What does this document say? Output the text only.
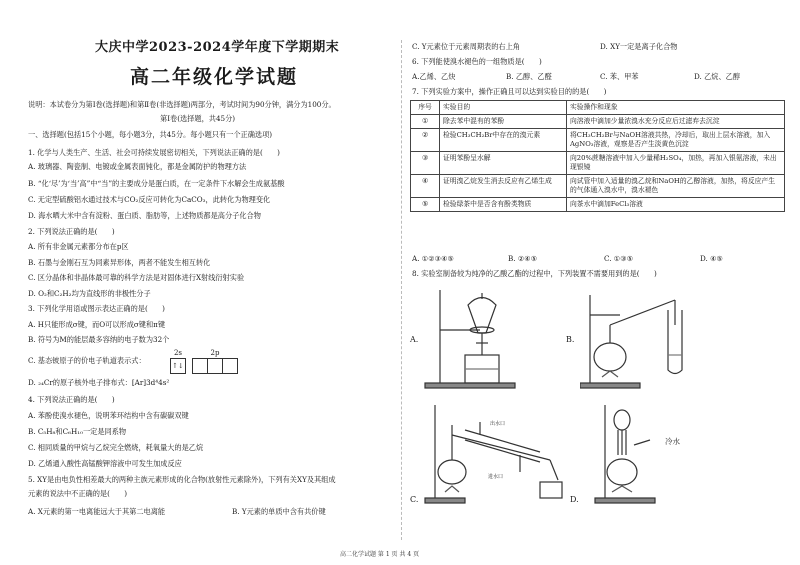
大庆中学2023-2024学年度下学期期末
高二年级化学试题
说明：本试卷分为第Ⅰ卷(选择题)和第Ⅱ卷(非选择题)两部分，考试时间为90分钟，满分为100分。
第Ⅰ卷(选择题，共45分)
一、选择题(包括15个小题，每小题3分，共45分。每小题只有一个正确选项)
1. 化学与人类生产、生活、社会可持续发展密切相关，下列说法正确的是(　　)
A. 玻璃器、陶瓷制、电镀或金属表面钝化，都是金属防护的物理方法
B. “化‘尽’为‘当’高”中“当”的主要成分是蛋白质，在一定条件下水解会生成氨基酸
C. 无定型硫酸铝水通过技术与CO₂反应可转化为CaCO₃，此转化为物理变化
D. 海水晒大米中含有淀粉、蛋白质、脂肪等，上述物质都是高分子化合物
2. 下列说法正确的是(　　)
A. 所有非金属元素都分布在p区
B. 石墨与金刚石互为同素异形体，两者不能发生相互转化
C. 区分晶体和非晶体最可靠的科学方法是对固体进行X射线衍射实验
D. O₂和C₂H₂均为直线形的非极性分子
3. 下列化学用语或图示表达正确的是(　　)
A. H只能形成σ键，而O可以形成σ键和π键
B. 符号为M的能层最多容纳的电子数为32个
C. 基态铍原子的价电子轨道表示式：
2s		2p		
↑↓				
D. ₂₄Cr的原子核外电子排布式：[Ar]3d⁴4s²
4. 下列说法正确的是(　　)
A. 苯酚使溴水褪色，说明苯环结构中含有碳碳双键
B. C₅H₈和C₆H₁₀一定是同系物
C. 相同质量的甲烷与乙烷完全燃烧，耗氧量大的是乙烷
D. 乙烯通入酸性高锰酸钾溶液中可发生加成反应
5. XY是由电负性相差最大的两种主族元素形成的化合物(放射性元素除外)，下列有关XY及其组成
元素的说法中不正确的是(　　)
A. X元素的第一电离能远大于其第二电离能	B. Y元素的单质中含有共价键
C. Y元素位于元素周期表的右上角	D. XY一定是离子化合物
6. 下列能使溴水褪色的一组物质是(　　)
A.乙烯、乙炔	B. 乙醇、乙醛	C. 苯、甲苯	D. 乙烷、乙醇
7. 下列实验方案中，操作正确且可以达到实验目的的是(　　)
序号	实验目的	实验操作和现象
①	除去苯中混有的苯酚	向溶液中滴加少量浓溴水充分反应后过滤弃去沉淀
②	检验CH₃CH₂Br中存在的溴元素	将CH₃CH₂Br与NaOH溶液共热，冷却后，取出上层水溶液，加入AgNO₃溶液，观察是否产生淡黄色沉淀
③	证明苯酚呈水解	向20%蔗糖溶液中加入少量稀H₂SO₄，加热，再加入银氨溶液，未出现银镜
④	证明溴乙烷发生消去反应有乙烯生成	向试管中加入适量的溴乙烷和NaOH的乙醇溶液，加热，将反应产生的气体通入溴水中，溴水褪色
⑤	检验绿茶中是否含有酚类物质	向茶水中滴加FeCl₃溶液
A. ①②③④⑤	B. ②④⑤	C. ①③⑤	D. ④⑤
8. 实验室制备较为纯净的乙酸乙酯的过程中，下列装置不需要用到的是(　　)
A.	B.
C.
出水口
进水口
D.
冷水
高二化学试题 第 1 页 共 4 页
